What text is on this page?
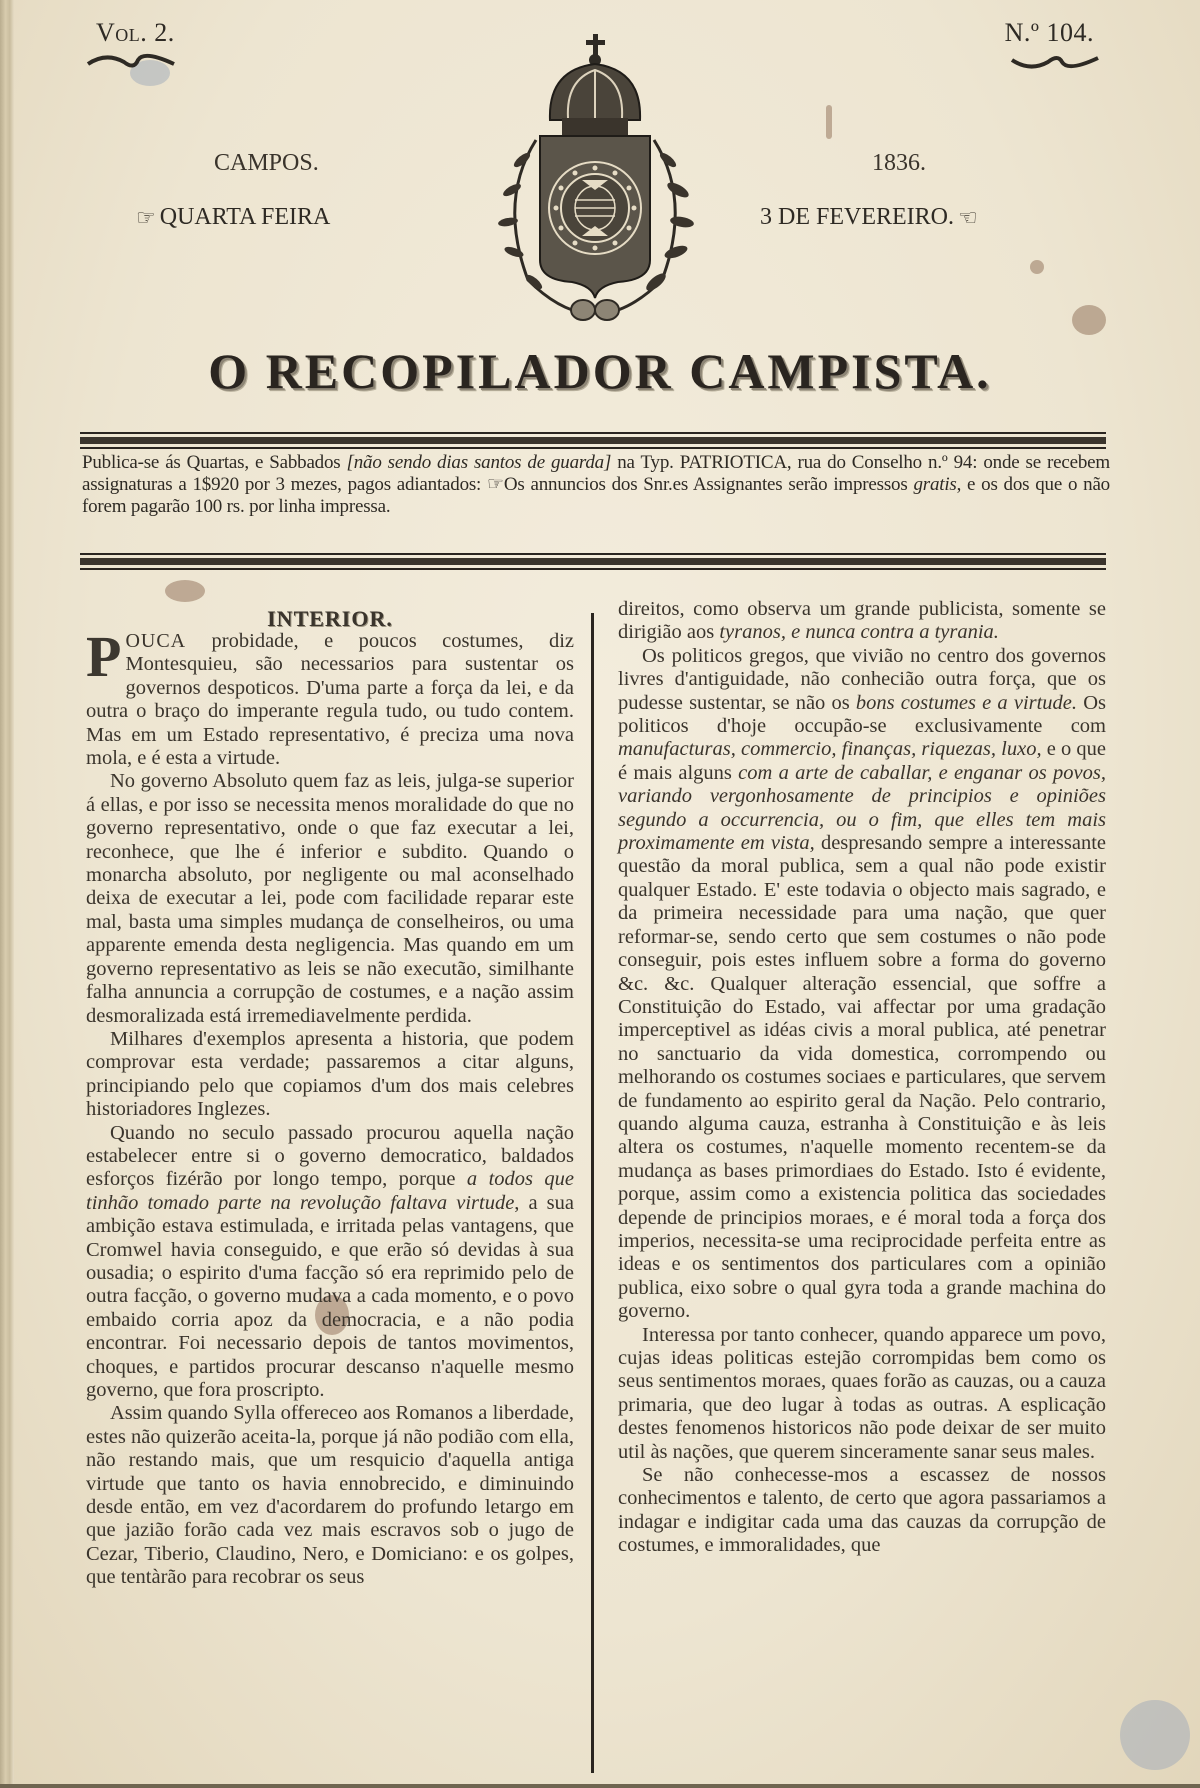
Vol. 2.	N.º 104.
CAMPOS.	1836.
☞ QUARTA FEIRA	3 DE FEVEREIRO. ☜
O RECOPILADOR CAMPISTA.
Publica-se ás Quartas, e Sabbados [não sendo dias santos de guarda] na Typ. PATRIOTICA, rua do Conselho n.º 94: onde se recebem assignaturas a 1$920 por 3 mezes, pagos adiantados: ☞Os annuncios dos Snr.es Assignantes serão impressos gratis, e os dos que o não forem pagarão 100 rs. por linha impressa.
INTERIOR.

POUCA probidade, e poucos costumes, diz Montesquieu, são necessarios para sustentar os governos despoticos. D'uma parte a força da lei, e da outra o braço do imperante regula tudo, ou tudo contem. Mas em um Estado representativo, é preciza uma nova mola, e é esta a virtude.

No governo Absoluto quem faz as leis, julga-se superior á ellas, e por isso se necessita menos moralidade do que no governo representativo, onde o que faz executar a lei, reconhece, que lhe é inferior e subdito. Quando o monarcha absoluto, por negligente ou mal aconselhado deixa de executar a lei, pode com facilidade reparar este mal, basta uma simples mudança de conselheiros, ou uma apparente emenda desta negligencia. Mas quando em um governo representativo as leis se não executão, similhante falha annuncia a corrupção de costumes, e a nação assim desmoralizada está irremediavelmente perdida.

Milhares d'exemplos apresenta a historia, que podem comprovar esta verdade; passaremos a citar alguns, principiando pelo que copiamos d'um dos mais celebres historiadores Inglezes.

Quando no seculo passado procurou aquella nação estabelecer entre si o governo democratico, baldados esforços fizérão por longo tempo, porque a todos que tinhão tomado parte na revolução faltava virtude, a sua ambição estava estimulada, e irritada pelas vantagens, que Cromwel havia conseguido, e que erão só devidas à sua ousadia; o espirito d'uma facção só era reprimido pelo de outra facção, o governo mudava a cada momento, e o povo embaido corria apoz da democracia, e a não podia encontrar. Foi necessario depois de tantos movimentos, choques, e partidos procurar descanso n'aquelle mesmo governo, que fora proscripto.

Assim quando Sylla offereceo aos Romanos a liberdade, estes não quizerão aceita-la, porque já não podião com ella, não restando mais, que um resquicio d'aquella antiga virtude que tanto os havia ennobrecido, e diminuindo desde então, em vez d'acordarem do profundo letargo em que jazião forão cada vez mais escravos sob o jugo de Cezar, Tiberio, Claudino, Nero, e Domiciano: e os golpes, que tentàrão para recobrar os seus

direitos, como observa um grande publicista, somente se dirigião aos tyranos, e nunca contra a tyrania.

Os politicos gregos, que vivião no centro dos governos livres d'antiguidade, não conhecião outra força, que os pudesse sustentar, se não os bons costumes e a virtude. Os politicos d'hoje occupão-se exclusivamente com manufacturas, commercio, finanças, riquezas, luxo, e o que é mais alguns com a arte de caballar, e enganar os povos, variando vergonhosamente de principios e opiniões segundo a occurrencia, ou o fim, que elles tem mais proximamente em vista, despresando sempre a interessante questão da moral publica, sem a qual não pode existir qualquer Estado. E' este todavia o objecto mais sagrado, e da primeira necessidade para uma nação, que quer reformar-se, sendo certo que sem costumes o não pode conseguir, pois estes influem sobre a forma do governo &c. &c. Qualquer alteração essencial, que soffre a Constituição do Estado, vai affectar por uma gradação imperceptivel as idéas civis a moral publica, até penetrar no sanctuario da vida domestica, corrompendo ou melhorando os costumes sociaes e particulares, que servem de fundamento ao espirito geral da Nação. Pelo contrario, quando alguma cauza, estranha à Constituição e às leis altera os costumes, n'aquelle momento recentem-se da mudança as bases primordiaes do Estado. Isto é evidente, porque, assim como a existencia politica das sociedades depende de principios moraes, e é moral toda a força dos imperios, necessita-se uma reciprocidade perfeita entre as ideas e os sentimentos dos particulares com a opinião publica, eixo sobre o qual gyra toda a grande machina do governo.

Interessa por tanto conhecer, quando apparece um povo, cujas ideas politicas estejão corrompidas bem como os seus sentimentos moraes, quaes forão as cauzas, ou a cauza primaria, que deo lugar à todas as outras. A esplicação destes fenomenos historicos não pode deixar de ser muito util às nações, que querem sinceramente sanar seus males.

Se não conhecesse-mos a escassez de nossos conhecimentos e talento, de certo que agora passariamos a indagar e indigitar cada uma das cauzas da corrupção de costumes, e immoralidades, que
